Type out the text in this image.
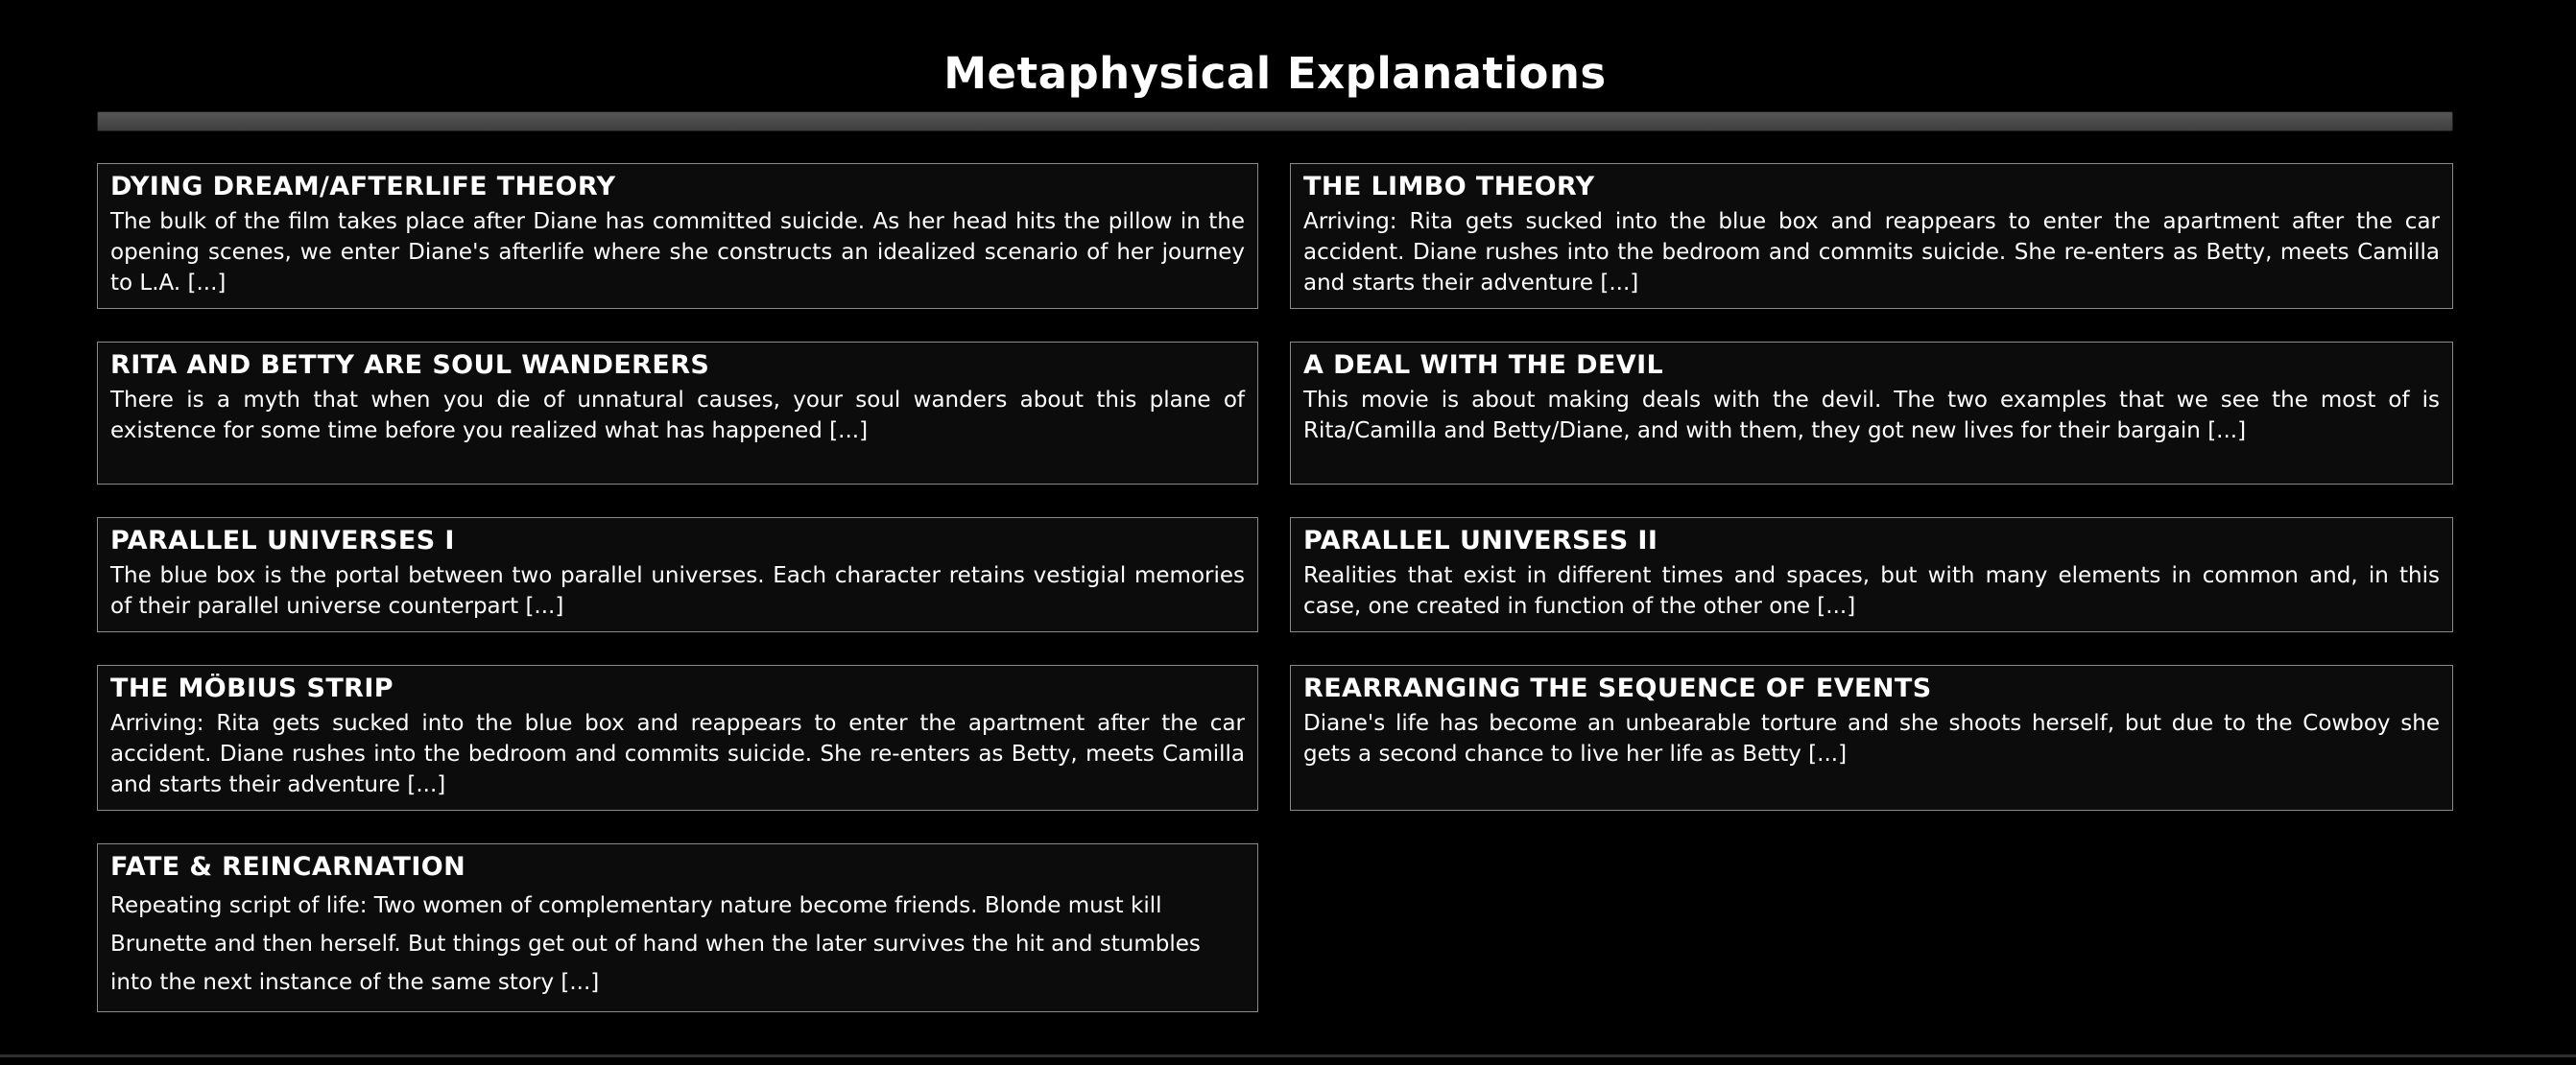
Metaphysical Explanations
DYING DREAM/AFTERLIFE THEORY

The bulk of the film takes place after Diane has committed suicide. As her head hits the pillow in the opening scenes, we enter Diane's afterlife where she constructs an idealized scenario of her journey to L.A. [...]

THE LIMBO THEORY

Arriving: Rita gets sucked into the blue box and reappears to enter the apartment after the car accident. Diane rushes into the bedroom and commits suicide. She re-enters as Betty, meets Camilla and starts their adventure [...]

RITA AND BETTY ARE SOUL WANDERERS

There is a myth that when you die of unnatural causes, your soul wanders about this plane of existence for some time before you realized what has happened [...]

A DEAL WITH THE DEVIL

This movie is about making deals with the devil. The two examples that we see the most of is Rita/Camilla and Betty/Diane, and with them, they got new lives for their bargain [...]

PARALLEL UNIVERSES I

The blue box is the portal between two parallel universes. Each character retains vestigial memories of their parallel universe counterpart [...]

PARALLEL UNIVERSES II

Realities that exist in different times and spaces, but with many elements in common and, in this case, one created in function of the other one [...]

THE MÖBIUS STRIP

Arriving: Rita gets sucked into the blue box and reappears to enter the apartment after the car accident. Diane rushes into the bedroom and commits suicide. She re-enters as Betty, meets Camilla and starts their adventure [...]

REARRANGING THE SEQUENCE OF EVENTS

Diane's life has become an unbearable torture and she shoots herself, but due to the Cowboy she gets a second chance to live her life as Betty [...]

FATE & REINCARNATION

Repeating script of life: Two women of complementary nature become friends. Blonde must kill Brunette and then herself. But things get out of hand when the later survives the hit and stumbles into the next instance of the same story [...]
